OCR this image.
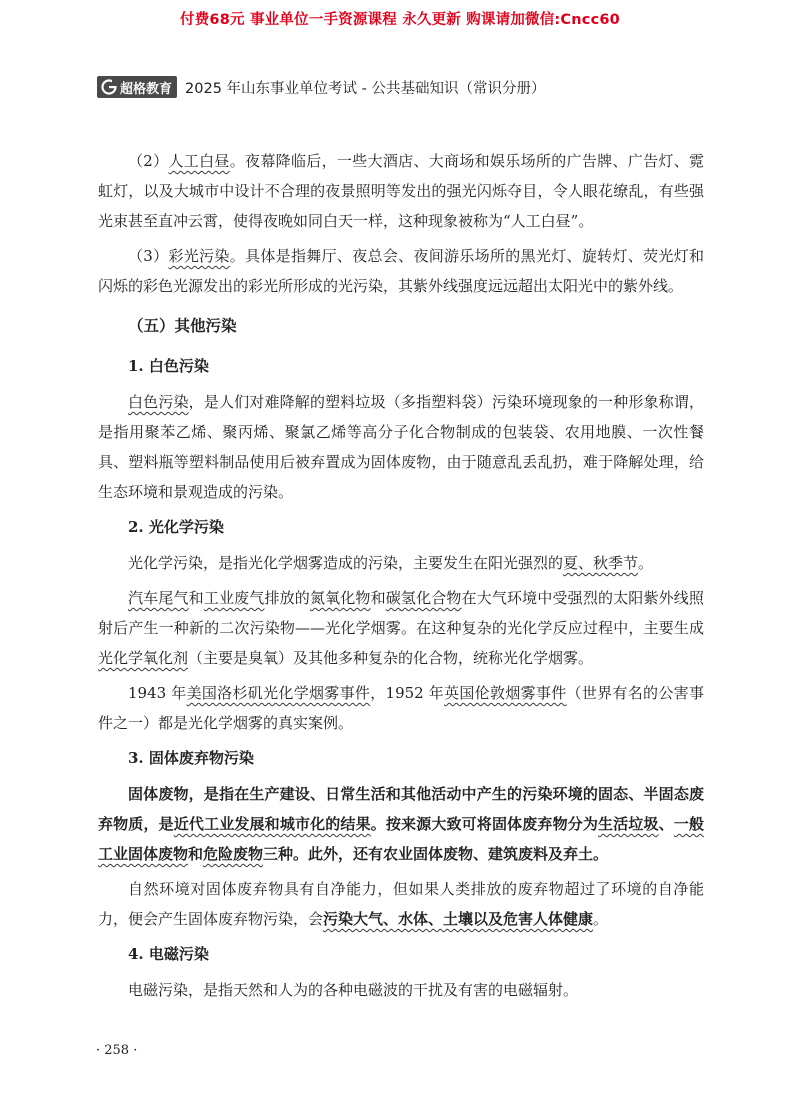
付费68元 事业单位一手资源课程 永久更新 购课请加微信:Cncc60
超格教育 2025 年山东事业单位考试 - 公共基础知识（常识分册）

（2）人工白昼。夜幕降临后，一些大酒店、大商场和娱乐场所的广告牌、广告灯、霓虹灯，以及大城市中设计不合理的夜景照明等发出的强光闪烁夺目，令人眼花缭乱，有些强光束甚至直冲云霄，使得夜晚如同白天一样，这种现象被称为“人工白昼”。

（3）彩光污染。具体是指舞厅、夜总会、夜间游乐场所的黑光灯、旋转灯、荧光灯和闪烁的彩色光源发出的彩光所形成的光污染，其紫外线强度远远超出太阳光中的紫外线。

（五）其他污染
1. 白色污染

白色污染，是人们对难降解的塑料垃圾（多指塑料袋）污染环境现象的一种形象称谓，是指用聚苯乙烯、聚丙烯、聚氯乙烯等高分子化合物制成的包装袋、农用地膜、一次性餐具、塑料瓶等塑料制品使用后被弃置成为固体废物，由于随意乱丢乱扔，难于降解处理，给生态环境和景观造成的污染。

2. 光化学污染

光化学污染，是指光化学烟雾造成的污染，主要发生在阳光强烈的夏、秋季节。

汽车尾气和工业废气排放的氮氧化物和碳氢化合物在大气环境中受强烈的太阳紫外线照射后产生一种新的二次污染物——光化学烟雾。在这种复杂的光化学反应过程中，主要生成光化学氧化剂（主要是臭氧）及其他多种复杂的化合物，统称光化学烟雾。

1943 年美国洛杉矶光化学烟雾事件，1952 年英国伦敦烟雾事件（世界有名的公害事件之一）都是光化学烟雾的真实案例。

3. 固体废弃物污染

固体废物，是指在生产建设、日常生活和其他活动中产生的污染环境的固态、半固态废弃物质，是近代工业发展和城市化的结果。按来源大致可将固体废弃物分为生活垃圾、一般工业固体废物和危险废物三种。此外，还有农业固体废物、建筑废料及弃土。

自然环境对固体废弃物具有自净能力，但如果人类排放的废弃物超过了环境的自净能力，便会产生固体废弃物污染，会污染大气、水体、土壤以及危害人体健康。

4. 电磁污染

电磁污染，是指天然和人为的各种电磁波的干扰及有害的电磁辐射。

· 258 ·
